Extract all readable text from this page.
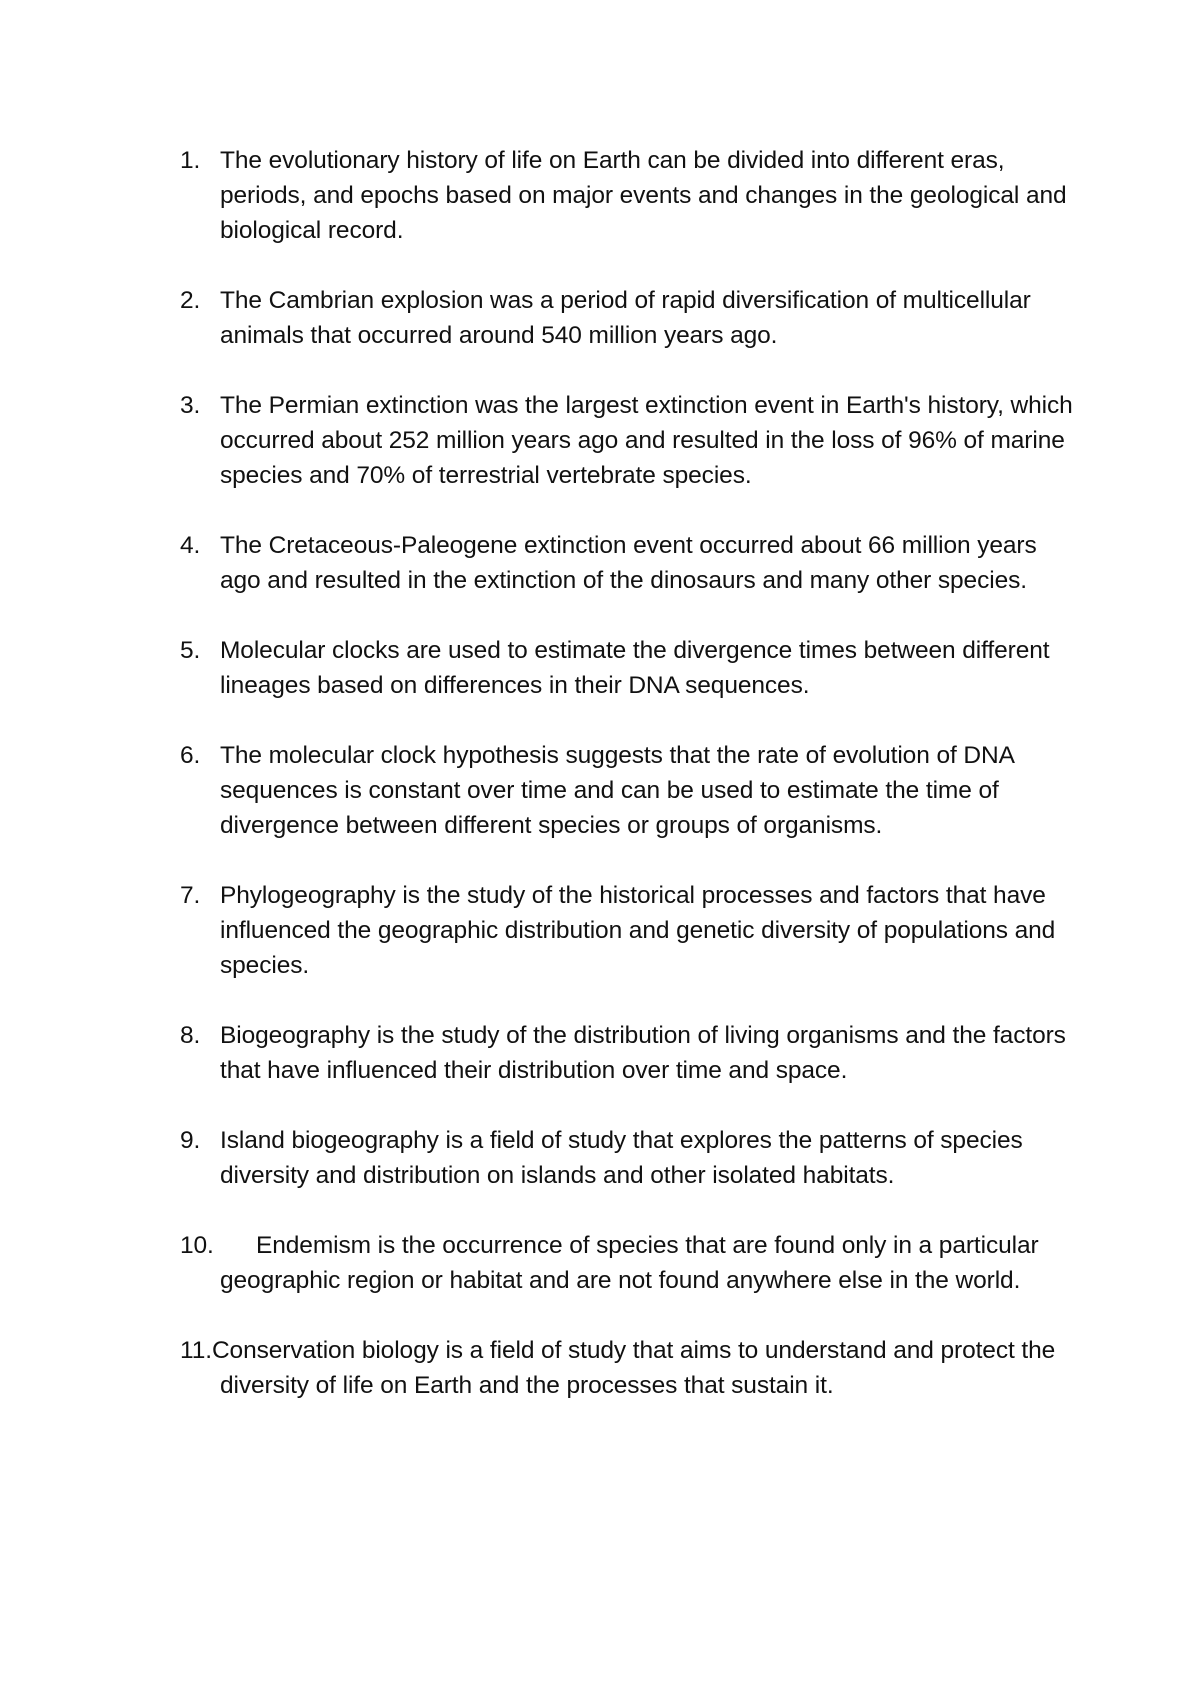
1. The evolutionary history of life on Earth can be divided into different eras, periods, and epochs based on major events and changes in the geological and biological record.
2. The Cambrian explosion was a period of rapid diversification of multicellular animals that occurred around 540 million years ago.
3. The Permian extinction was the largest extinction event in Earth's history, which occurred about 252 million years ago and resulted in the loss of 96% of marine species and 70% of terrestrial vertebrate species.
4. The Cretaceous-Paleogene extinction event occurred about 66 million years ago and resulted in the extinction of the dinosaurs and many other species.
5. Molecular clocks are used to estimate the divergence times between different lineages based on differences in their DNA sequences.
6. The molecular clock hypothesis suggests that the rate of evolution of DNA sequences is constant over time and can be used to estimate the time of divergence between different species or groups of organisms.
7. Phylogeography is the study of the historical processes and factors that have influenced the geographic distribution and genetic diversity of populations and species.
8. Biogeography is the study of the distribution of living organisms and the factors that have influenced their distribution over time and space.
9. Island biogeography is a field of study that explores the patterns of species diversity and distribution on islands and other isolated habitats.
10. Endemism is the occurrence of species that are found only in a particular geographic region or habitat and are not found anywhere else in the world.
11.Conservation biology is a field of study that aims to understand and protect the diversity of life on Earth and the processes that sustain it.
